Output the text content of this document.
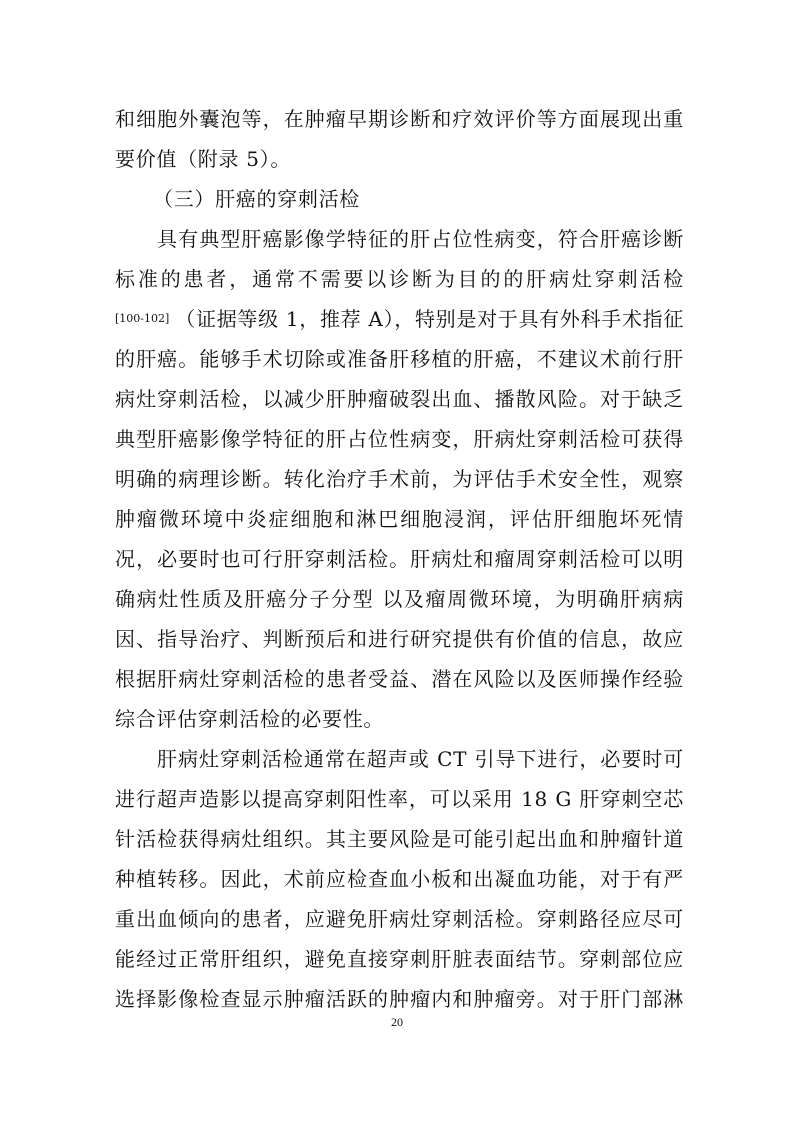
和细胞外囊泡等，在肿瘤早期诊断和疗效评价等方面展现出重
要价值（附录 5）。
（三）肝癌的穿刺活检
具有典型肝癌影像学特征的肝占位性病变，符合肝癌诊断
标准的患者，通常不需要以诊断为目的的肝病灶穿刺活检
[100-102] （证据等级 1，推荐 A），特别是对于具有外科手术指征
的肝癌。能够手术切除或准备肝移植的肝癌，不建议术前行肝
病灶穿刺活检，以减少肝肿瘤破裂出血、播散风险。对于缺乏
典型肝癌影像学特征的肝占位性病变，肝病灶穿刺活检可获得
明确的病理诊断。转化治疗手术前，为评估手术安全性，观察
肿瘤微环境中炎症细胞和淋巴细胞浸润，评估肝细胞坏死情
况，必要时也可行肝穿刺活检。肝病灶和瘤周穿刺活检可以明
确病灶性质及肝癌分子分型 以及瘤周微环境，为明确肝病病
因、指导治疗、判断预后和进行研究提供有价值的信息，故应
根据肝病灶穿刺活检的患者受益、潜在风险以及医师操作经验
综合评估穿刺活检的必要性。
肝病灶穿刺活检通常在超声或 CT 引导下进行，必要时可
进行超声造影以提高穿刺阳性率，可以采用 18 G 肝穿刺空芯
针活检获得病灶组织。其主要风险是可能引起出血和肿瘤针道
种植转移。因此，术前应检查血小板和出凝血功能，对于有严
重出血倾向的患者，应避免肝病灶穿刺活检。穿刺路径应尽可
能经过正常肝组织，避免直接穿刺肝脏表面结节。穿刺部位应
选择影像检查显示肿瘤活跃的肿瘤内和肿瘤旁。对于肝门部淋
20
